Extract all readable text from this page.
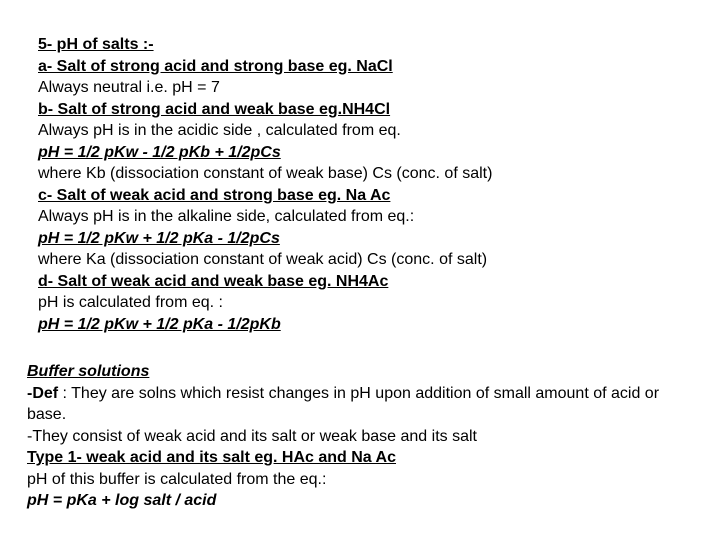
5- pH of salts :-
a- Salt of strong acid and strong base eg. NaCl
Always neutral i.e. pH = 7
b- Salt of strong acid and weak base eg.NH4Cl
Always pH is in the acidic side , calculated from eq.
pH = 1/2 pKw - 1/2 pKb + 1/2pCs
where Kb (dissociation constant of weak base) Cs (conc. of salt)
c- Salt of weak acid and strong base eg. Na Ac
Always pH is in the alkaline side, calculated from eq.:
pH = 1/2 pKw + 1/2 pKa - 1/2pCs
where Ka (dissociation constant of weak acid) Cs (conc. of salt)
d- Salt of weak acid and weak base eg. NH4Ac
pH is calculated from eq. :
pH = 1/2 pKw + 1/2 pKa - 1/2pKb
Buffer solutions
-Def : They are solns which resist changes in pH upon addition of small amount of acid or base.
-They consist of weak acid and its salt or weak base and its salt
Type 1- weak acid and its salt eg. HAc and Na Ac
pH of this buffer is calculated from the eq.:
pH = pKa + log salt / acid
